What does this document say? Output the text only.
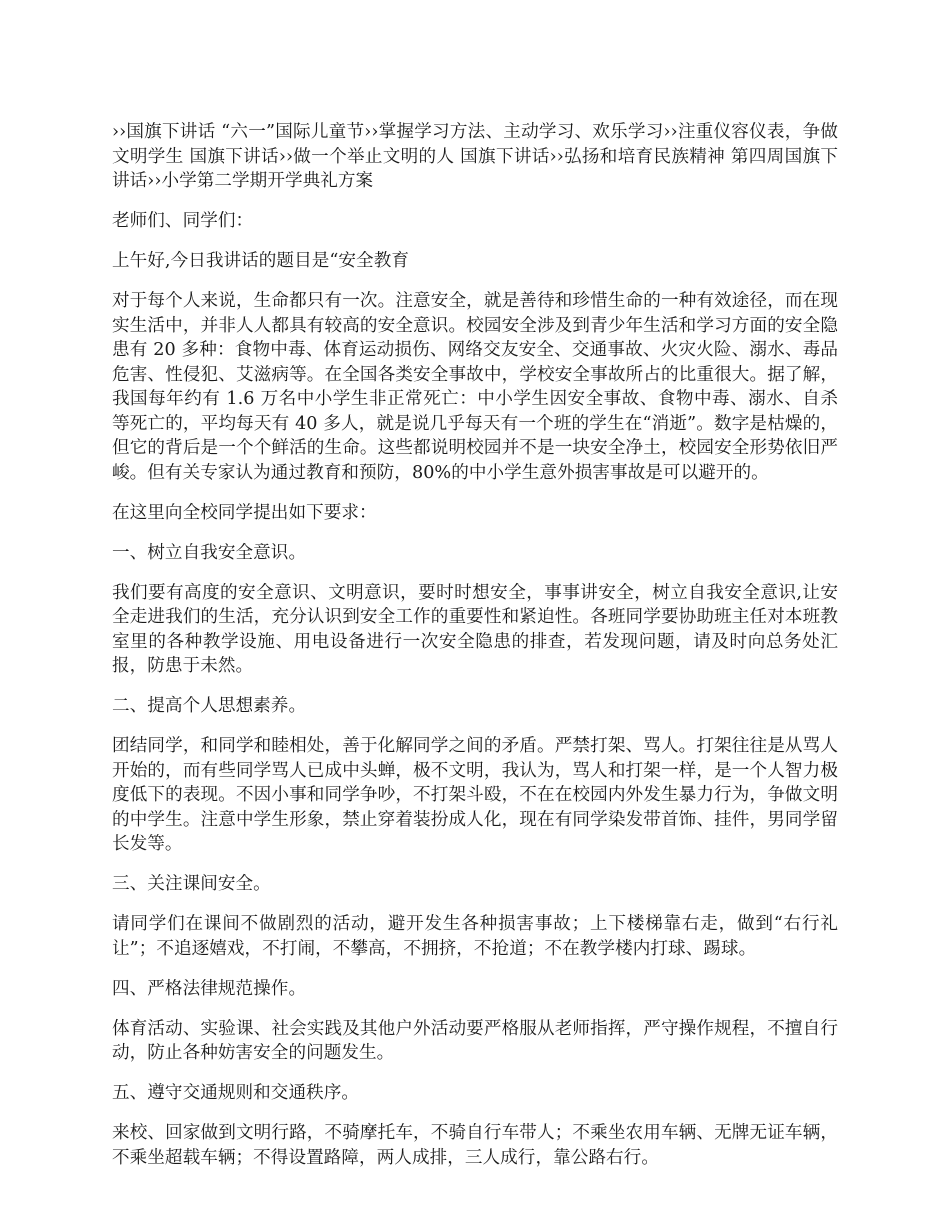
››国旗下讲话 “六一”国际儿童节››掌握学习方法、主动学习、欢乐学习››注重仪容仪表，争做文明学生 国旗下讲话››做一个举止文明的人 国旗下讲话››弘扬和培育民族精神 第四周国旗下讲话››小学第二学期开学典礼方案

老师们、同学们：

上午好,今日我讲话的题目是“安全教育

对于每个人来说，生命都只有一次。注意安全，就是善待和珍惜生命的一种有效途径，而在现实生活中，并非人人都具有较高的安全意识。校园安全涉及到青少年生活和学习方面的安全隐患有 20 多种：食物中毒、体育运动损伤、网络交友安全、交通事故、火灾火险、溺水、毒品危害、性侵犯、艾滋病等。在全国各类安全事故中，学校安全事故所占的比重很大。据了解，我国每年约有 1.6 万名中小学生非正常死亡：中小学生因安全事故、食物中毒、溺水、自杀等死亡的，平均每天有 40 多人，就是说几乎每天有一个班的学生在“消逝”。数字是枯燥的，但它的背后是一个个鲜活的生命。这些都说明校园并不是一块安全净土，校园安全形势依旧严峻。但有关专家认为通过教育和预防，80%的中小学生意外损害事故是可以避开的。

在这里向全校同学提出如下要求：

一、树立自我安全意识。

我们要有高度的安全意识、文明意识，要时时想安全，事事讲安全，树立自我安全意识,让安全走进我们的生活，充分认识到安全工作的重要性和紧迫性。各班同学要协助班主任对本班教室里的各种教学设施、用电设备进行一次安全隐患的排查，若发现问题，请及时向总务处汇报，防患于未然。

二、提高个人思想素养。

团结同学，和同学和睦相处，善于化解同学之间的矛盾。严禁打架、骂人。打架往往是从骂人开始的，而有些同学骂人已成中头蝉，极不文明，我认为，骂人和打架一样，是一个人智力极度低下的表现。不因小事和同学争吵，不打架斗殴，不在在校园内外发生暴力行为，争做文明的中学生。注意中学生形象，禁止穿着装扮成人化，现在有同学染发带首饰、挂件，男同学留长发等。

三、关注课间安全。

请同学们在课间不做剧烈的活动，避开发生各种损害事故；上下楼梯靠右走，做到“右行礼让”；不追逐嬉戏，不打闹，不攀高，不拥挤，不抢道；不在教学楼内打球、踢球。

四、严格法律规范操作。

体育活动、实验课、社会实践及其他户外活动要严格服从老师指挥，严守操作规程，不擅自行动，防止各种妨害安全的问题发生。

五、遵守交通规则和交通秩序。

来校、回家做到文明行路，不骑摩托车，不骑自行车带人；不乘坐农用车辆、无牌无证车辆，不乘坐超载车辆；不得设置路障，两人成排，三人成行，靠公路右行。
